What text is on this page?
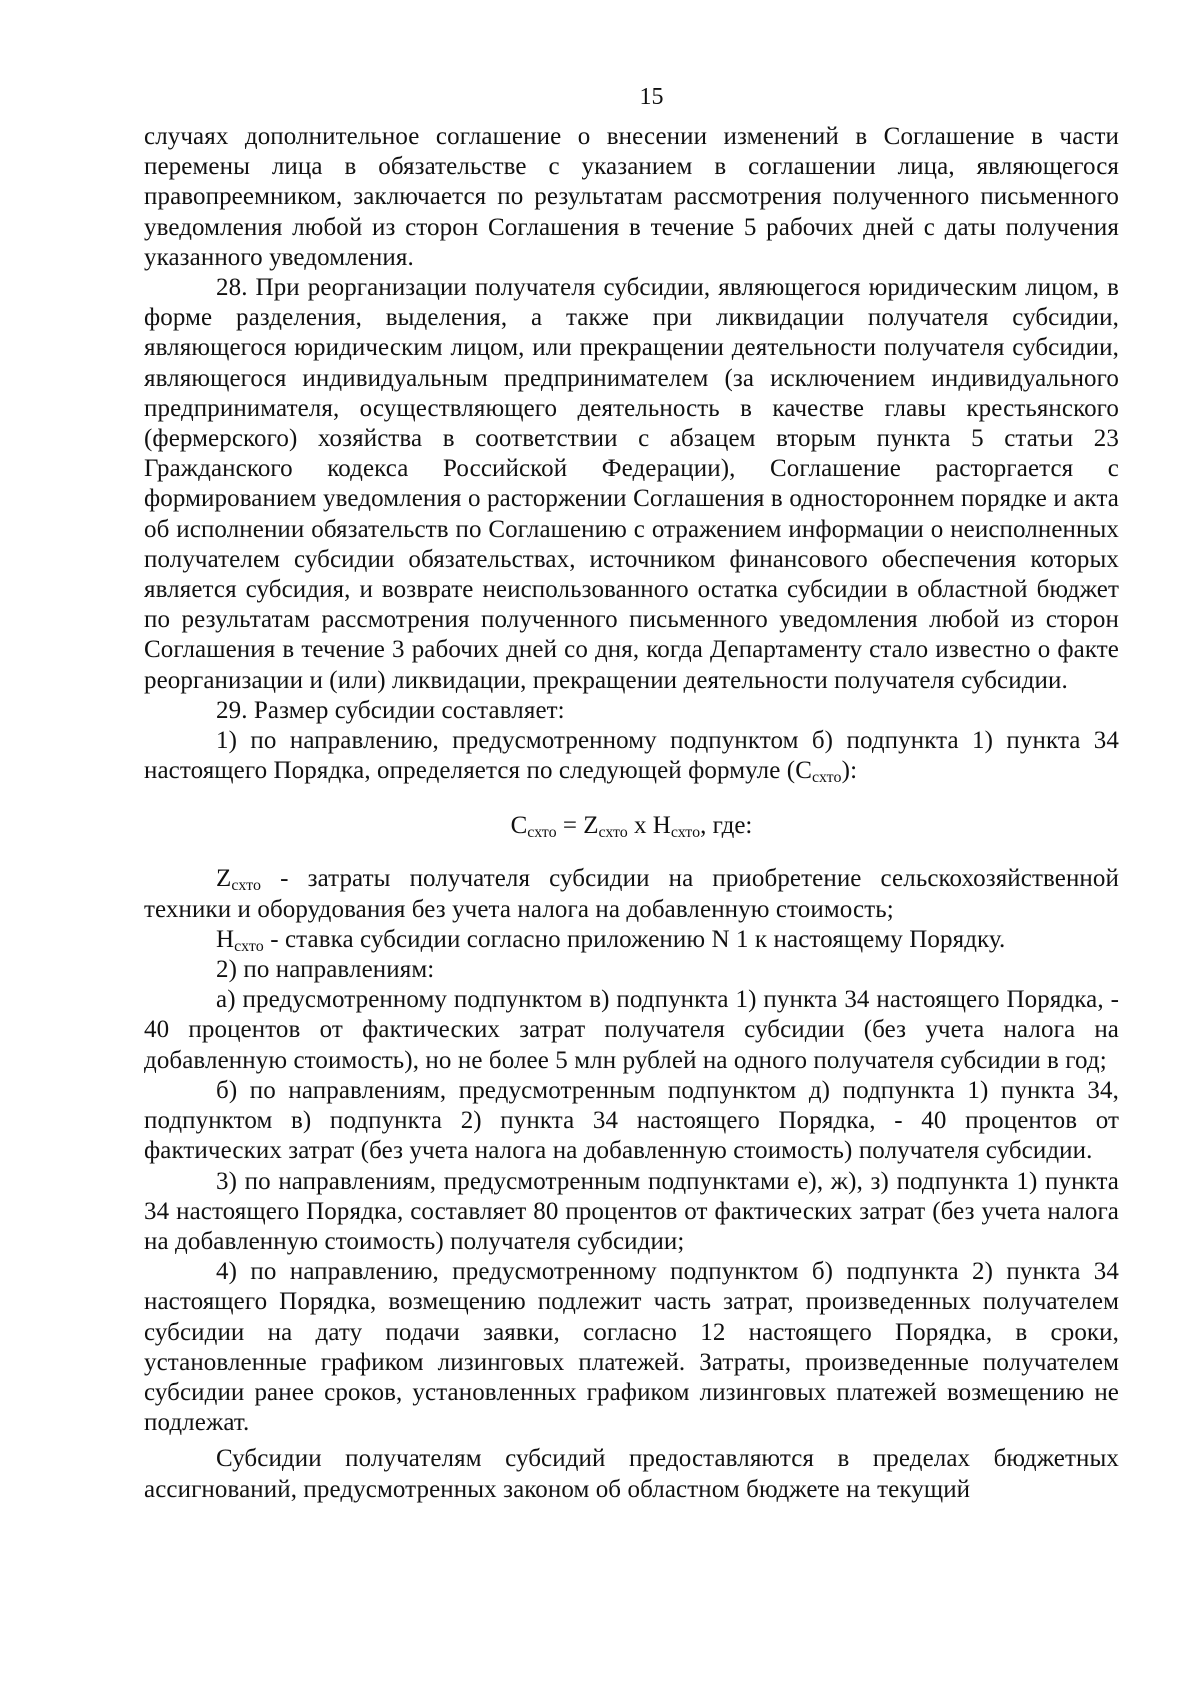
15

случаях дополнительное соглашение о внесении изменений в Соглашение в части перемены лица в обязательстве с указанием в соглашении лица, являющегося правопреемником, заключается по результатам рассмотрения полученного письменного уведомления любой из сторон Соглашения в течение 5 рабочих дней с даты получения указанного уведомления.

28. При реорганизации получателя субсидии, являющегося юридическим лицом, в форме разделения, выделения, а также при ликвидации получателя субсидии, являющегося юридическим лицом, или прекращении деятельности получателя субсидии, являющегося индивидуальным предпринимателем (за исключением индивидуального предпринимателя, осуществляющего деятельность в качестве главы крестьянского (фермерского) хозяйства в соответствии с абзацем вторым пункта 5 статьи 23 Гражданского кодекса Российской Федерации), Соглашение расторгается с формированием уведомления о расторжении Соглашения в одностороннем порядке и акта об исполнении обязательств по Соглашению с отражением информации о неисполненных получателем субсидии обязательствах, источником финансового обеспечения которых является субсидия, и возврате неиспользованного остатка субсидии в областной бюджет по результатам рассмотрения полученного письменного уведомления любой из сторон Соглашения в течение 3 рабочих дней со дня, когда Департаменту стало известно о факте реорганизации и (или) ликвидации, прекращении деятельности получателя субсидии.

29. Размер субсидии составляет:

1) по направлению, предусмотренному подпунктом б) подпункта 1) пункта 34 настоящего Порядка, определяется по следующей формуле $(С_{схто})$:

$С_{схто} = Z_{схто}$ x $Н_{схто}$, где:

$Z_{схто}$ - затраты получателя субсидии на приобретение сельскохозяйственной техники и оборудования без учета налога на добавленную стоимость;

$Н_{схто}$ - ставка субсидии согласно приложению N 1 к настоящему Порядку.

2) по направлениям:

а) предусмотренному подпунктом в) подпункта 1) пункта 34 настоящего Порядка, - 40 процентов от фактических затрат получателя субсидии (без учета налога на добавленную стоимость), но не более 5 млн рублей на одного получателя субсидии в год;

б) по направлениям, предусмотренным подпунктом д) подпункта 1) пункта 34, подпунктом в) подпункта 2) пункта 34 настоящего Порядка, - 40 процентов от фактических затрат (без учета налога на добавленную стоимость) получателя субсидии.

3) по направлениям, предусмотренным подпунктами е), ж), з) подпункта 1) пункта 34 настоящего Порядка, составляет 80 процентов от фактических затрат (без учета налога на добавленную стоимость) получателя субсидии;

4) по направлению, предусмотренному подпунктом б) подпункта 2) пункта 34 настоящего Порядка, возмещению подлежит часть затрат, произведенных получателем субсидии на дату подачи заявки, согласно 12 настоящего Порядка, в сроки, установленные графиком лизинговых платежей. Затраты, произведенные получателем субсидии ранее сроков, установленных графиком лизинговых платежей возмещению не подлежат.

Субсидии получателям субсидий предоставляются в пределах бюджетных ассигнований, предусмотренных законом об областном бюджете на текущий
